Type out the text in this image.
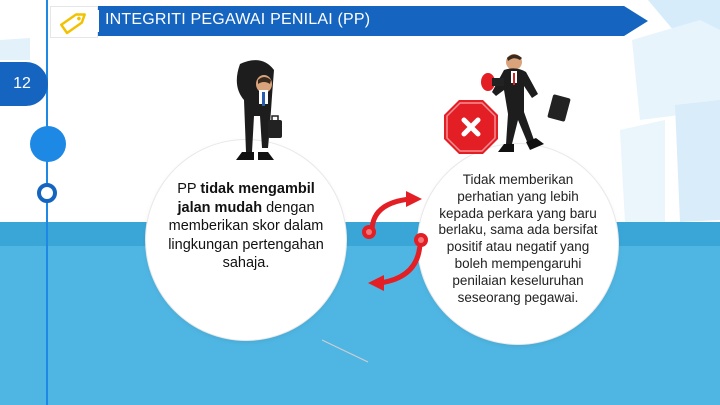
12
INTEGRITI PEGAWAI PENILAI (PP)
PP tidak mengambil jalan mudah dengan memberikan skor dalam lingkungan pertengahan sahaja.
Tidak memberikan perhatian yang lebih kepada perkara yang baru berlaku, sama ada bersifat positif atau negatif yang boleh mempengaruhi penilaian keseluruhan seseorang pegawai.
